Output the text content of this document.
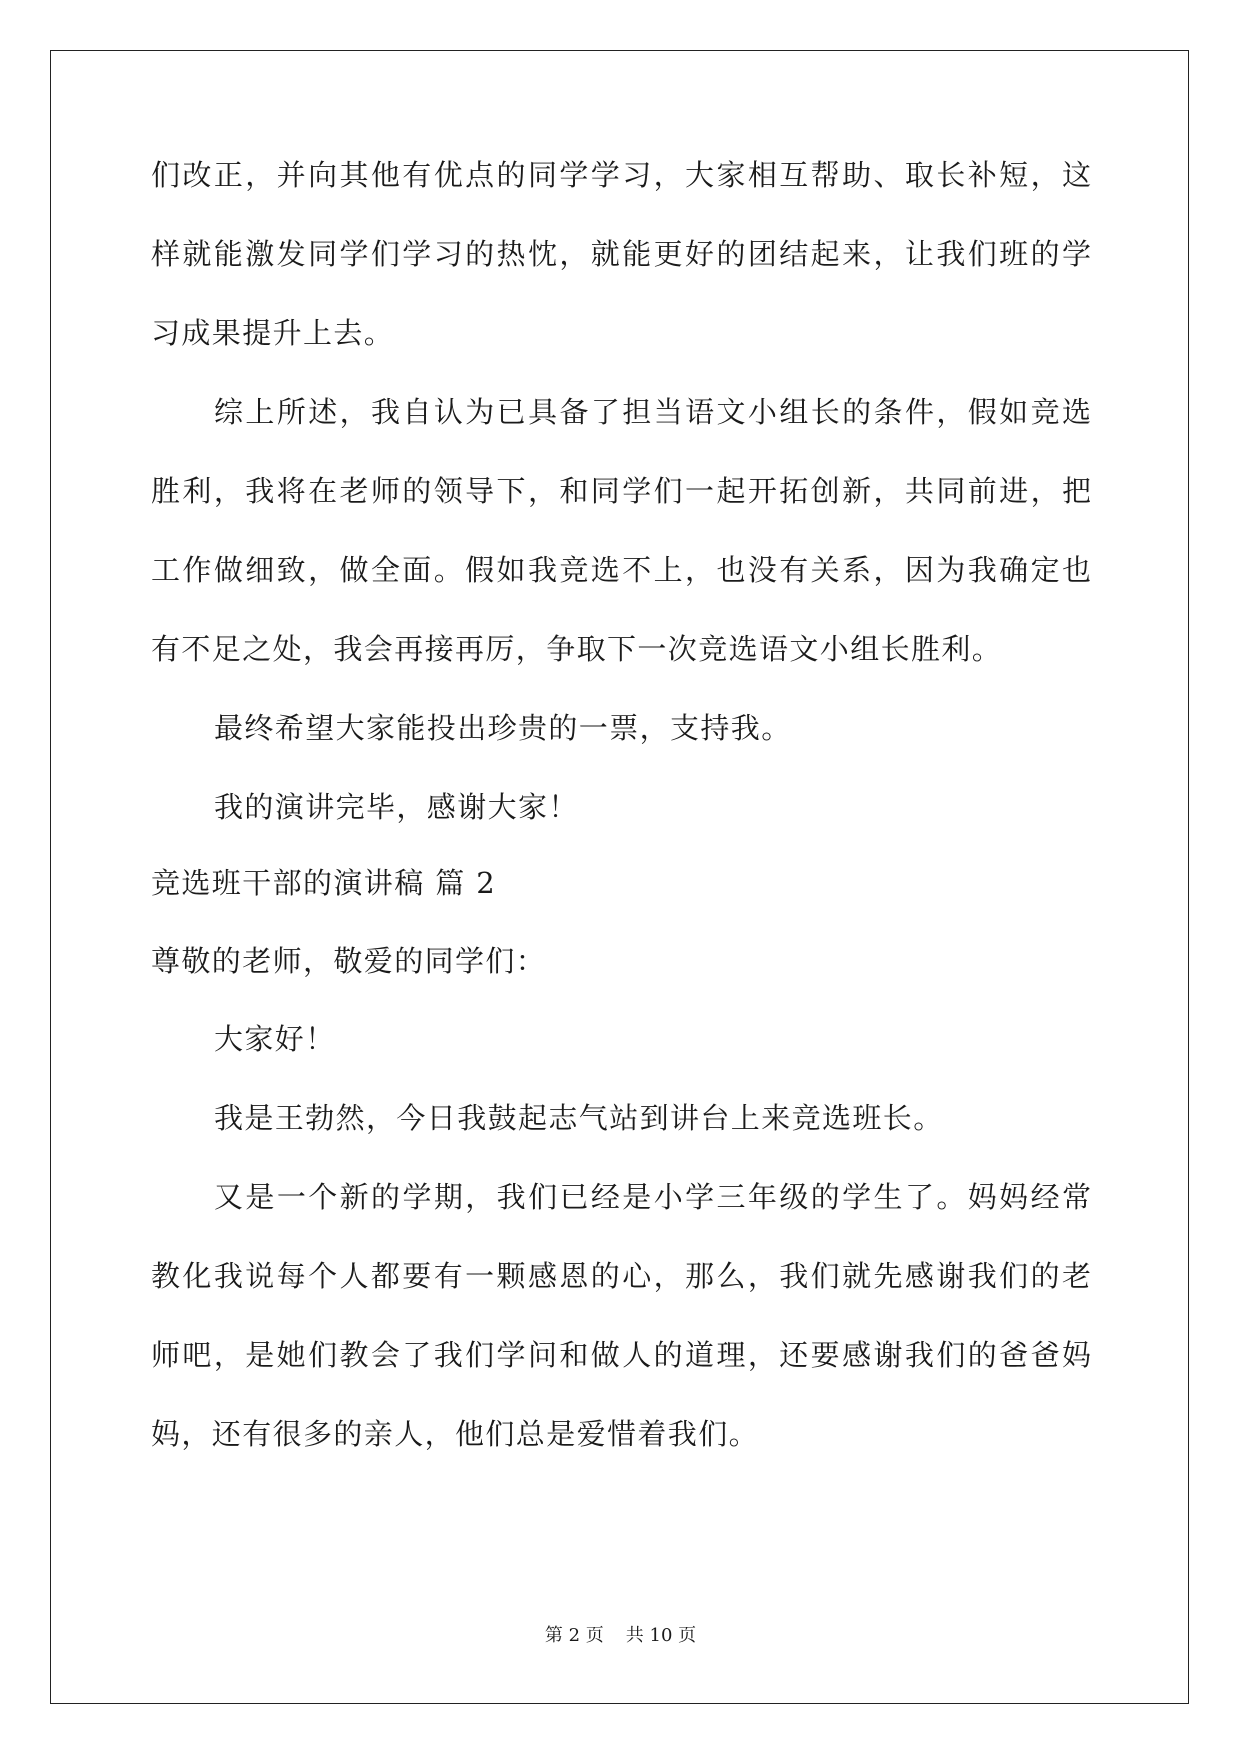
们改正，并向其他有优点的同学学习，大家相互帮助、取长补短，这
样就能激发同学们学习的热忱，就能更好的团结起来，让我们班的学
习成果提升上去。
综上所述，我自认为已具备了担当语文小组长的条件，假如竞选
胜利，我将在老师的领导下，和同学们一起开拓创新，共同前进，把
工作做细致，做全面。假如我竞选不上，也没有关系，因为我确定也
有不足之处，我会再接再厉，争取下一次竞选语文小组长胜利。
最终希望大家能投出珍贵的一票，支持我。
我的演讲完毕，感谢大家！
竞选班干部的演讲稿 篇 2
尊敬的老师，敬爱的同学们：
大家好！
我是王勃然，今日我鼓起志气站到讲台上来竞选班长。
又是一个新的学期，我们已经是小学三年级的学生了。妈妈经常
教化我说每个人都要有一颗感恩的心，那么，我们就先感谢我们的老
师吧，是她们教会了我们学问和做人的道理，还要感谢我们的爸爸妈
妈，还有很多的亲人，他们总是爱惜着我们。
第 2 页 共 10 页
